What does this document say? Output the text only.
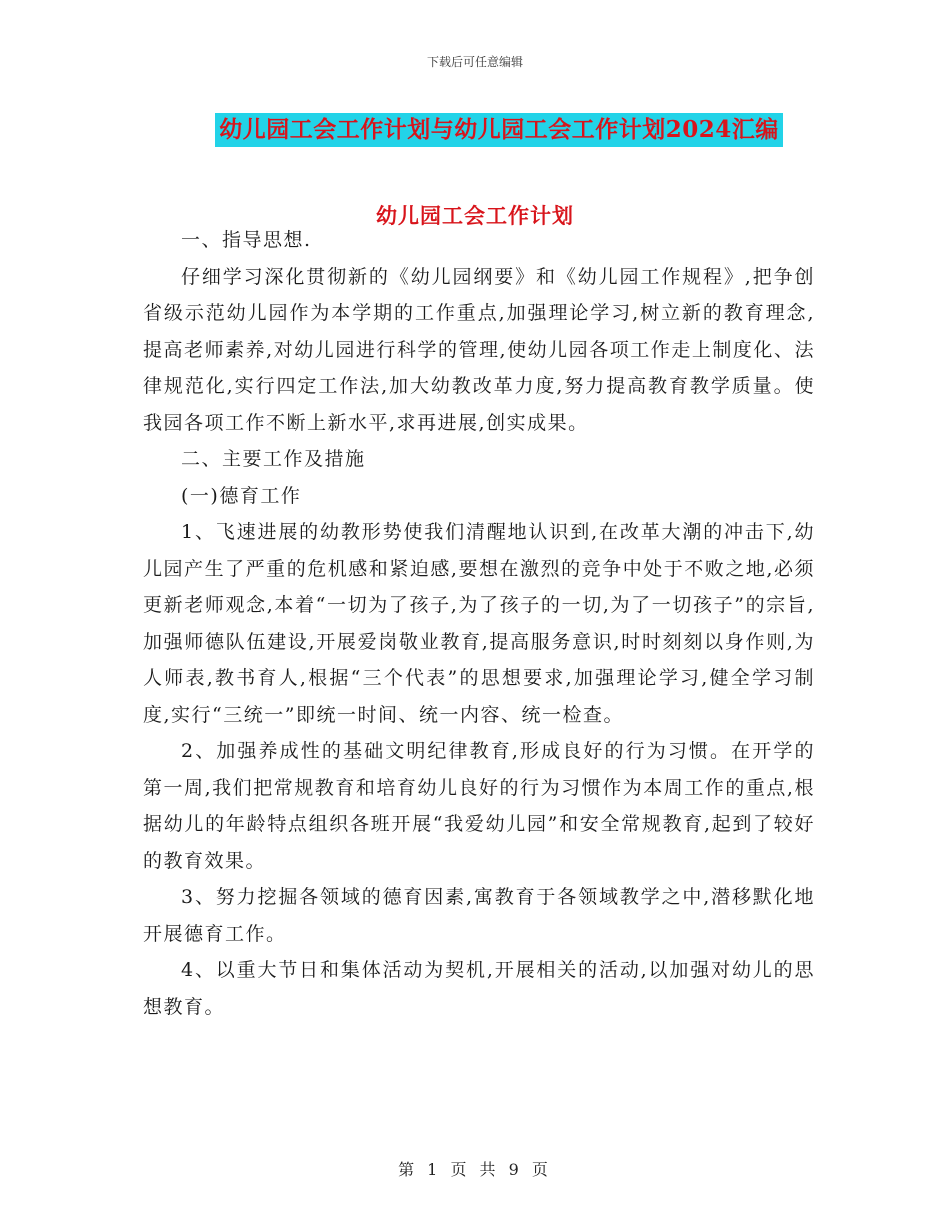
下载后可任意编辑
幼儿园工会工作计划与幼儿园工会工作计划2024汇编
幼儿园工会工作计划

一、指导思想.

仔细学习深化贯彻新的《幼儿园纲要》和《幼儿园工作规程》,把争创省级示范幼儿园作为本学期的工作重点,加强理论学习,树立新的教育理念,提高老师素养,对幼儿园进行科学的管理,使幼儿园各项工作走上制度化、法律规范化,实行四定工作法,加大幼教改革力度,努力提高教育教学质量。使我园各项工作不断上新水平,求再进展,创实成果。

二、主要工作及措施

(一)德育工作

1、飞速进展的幼教形势使我们清醒地认识到,在改革大潮的冲击下,幼儿园产生了严重的危机感和紧迫感,要想在激烈的竞争中处于不败之地,必须更新老师观念,本着“一切为了孩子,为了孩子的一切,为了一切孩子”的宗旨,加强师德队伍建设,开展爱岗敬业教育,提高服务意识,时时刻刻以身作则,为人师表,教书育人,根据“三个代表”的思想要求,加强理论学习,健全学习制度,实行“三统一”即统一时间、统一内容、统一检查。

2、加强养成性的基础文明纪律教育,形成良好的行为习惯。在开学的第一周,我们把常规教育和培育幼儿良好的行为习惯作为本周工作的重点,根据幼儿的年龄特点组织各班开展“我爱幼儿园”和安全常规教育,起到了较好的教育效果。

3、努力挖掘各领域的德育因素,寓教育于各领域教学之中,潜移默化地开展德育工作。

4、以重大节日和集体活动为契机,开展相关的活动,以加强对幼儿的思想教育。

第 1 页 共 9 页
